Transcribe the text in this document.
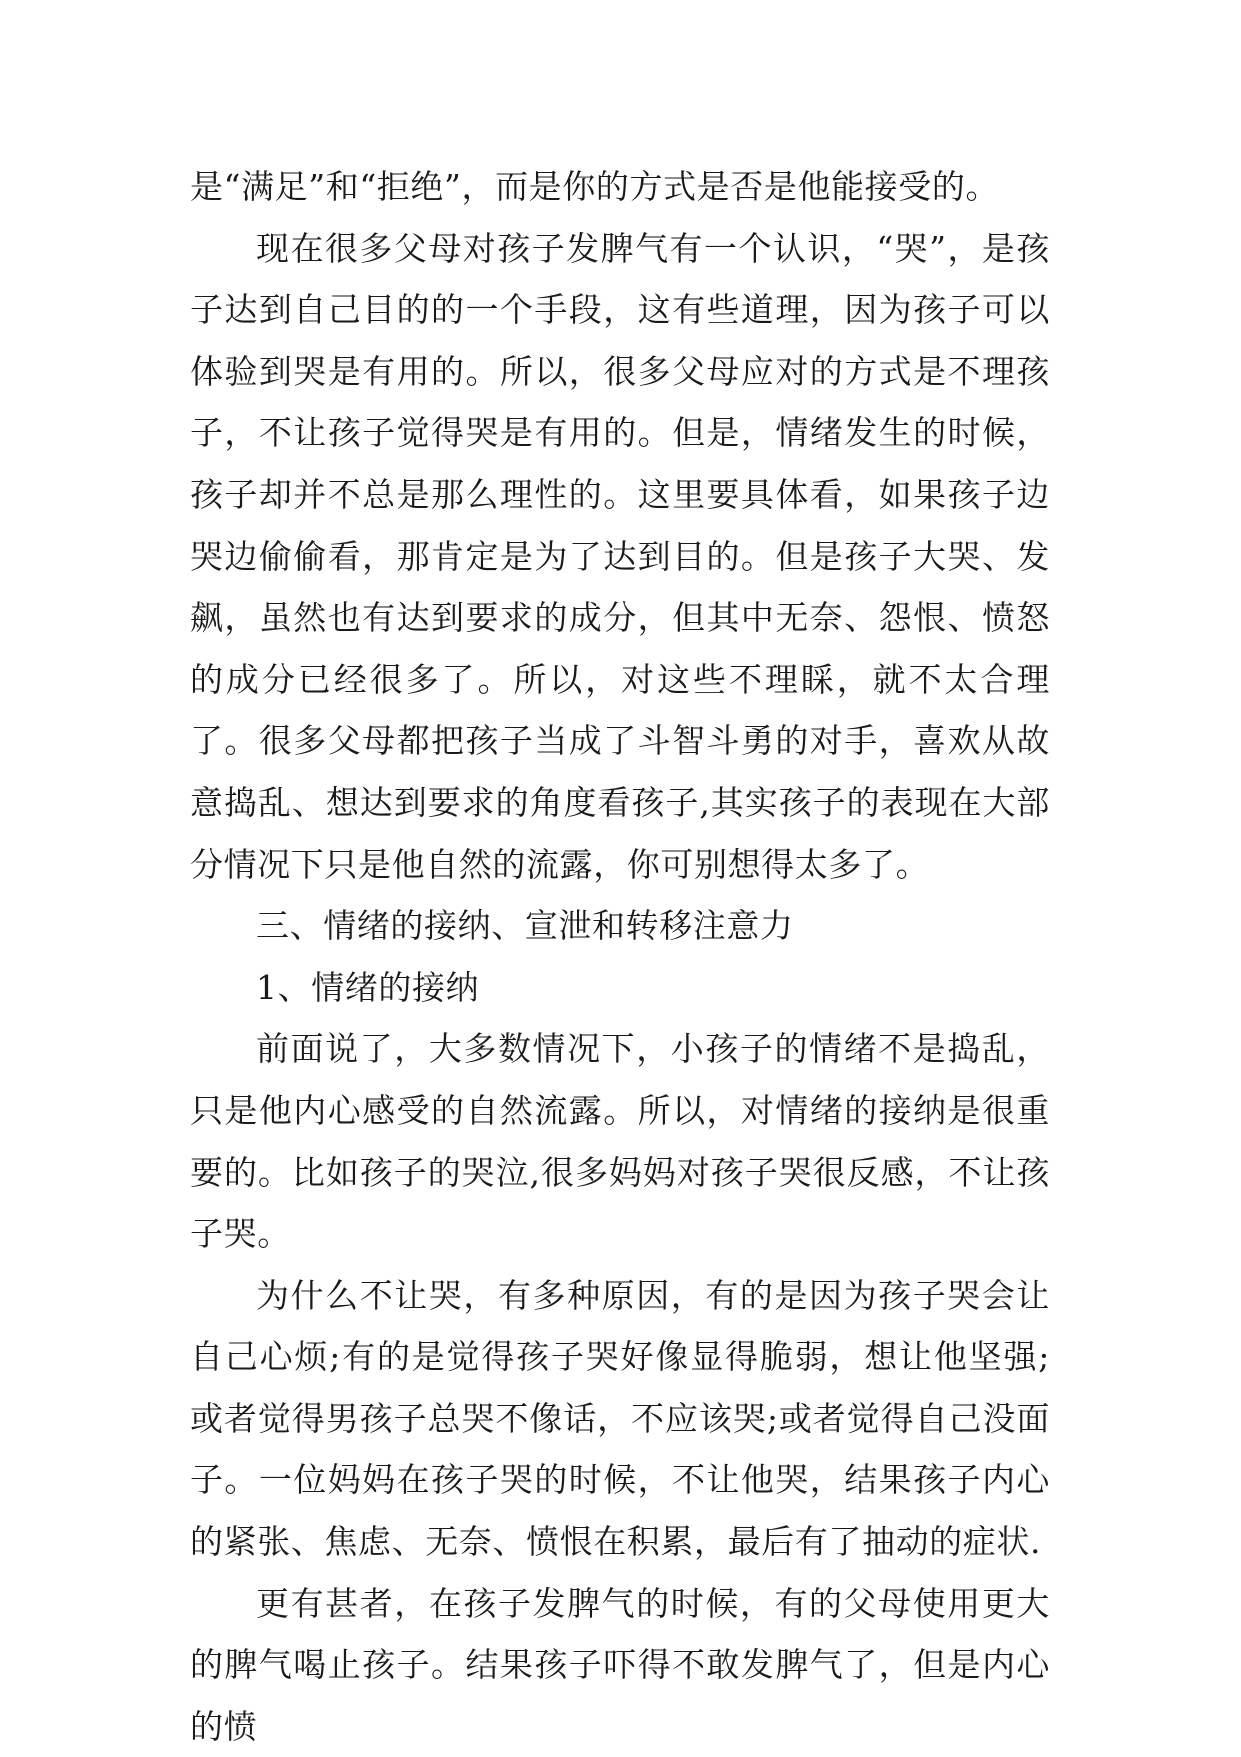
是“满足”和“拒绝”，而是你的方式是否是他能接受的。

现在很多父母对孩子发脾气有一个认识，“哭”，是孩子达到自己目的的一个手段，这有些道理，因为孩子可以体验到哭是有用的。所以，很多父母应对的方式是不理孩子，不让孩子觉得哭是有用的。但是，情绪发生的时候，孩子却并不总是那么理性的。这里要具体看，如果孩子边哭边偷偷看，那肯定是为了达到目的。但是孩子大哭、发飙，虽然也有达到要求的成分，但其中无奈、怨恨、愤怒的成分已经很多了。所以，对这些不理睬，就不太合理了。很多父母都把孩子当成了斗智斗勇的对手，喜欢从故意捣乱、想达到要求的角度看孩子,其实孩子的表现在大部分情况下只是他自然的流露，你可别想得太多了。

三、情绪的接纳、宣泄和转移注意力

1、情绪的接纳

前面说了，大多数情况下，小孩子的情绪不是捣乱，只是他内心感受的自然流露。所以，对情绪的接纳是很重要的。比如孩子的哭泣,很多妈妈对孩子哭很反感，不让孩子哭。

为什么不让哭，有多种原因，有的是因为孩子哭会让自己心烦;有的是觉得孩子哭好像显得脆弱，想让他坚强;或者觉得男孩子总哭不像话，不应该哭;或者觉得自己没面子。一位妈妈在孩子哭的时候，不让他哭，结果孩子内心的紧张、焦虑、无奈、愤恨在积累，最后有了抽动的症状.

更有甚者，在孩子发脾气的时候，有的父母使用更大的脾气喝止孩子。结果孩子吓得不敢发脾气了，但是内心的愤
